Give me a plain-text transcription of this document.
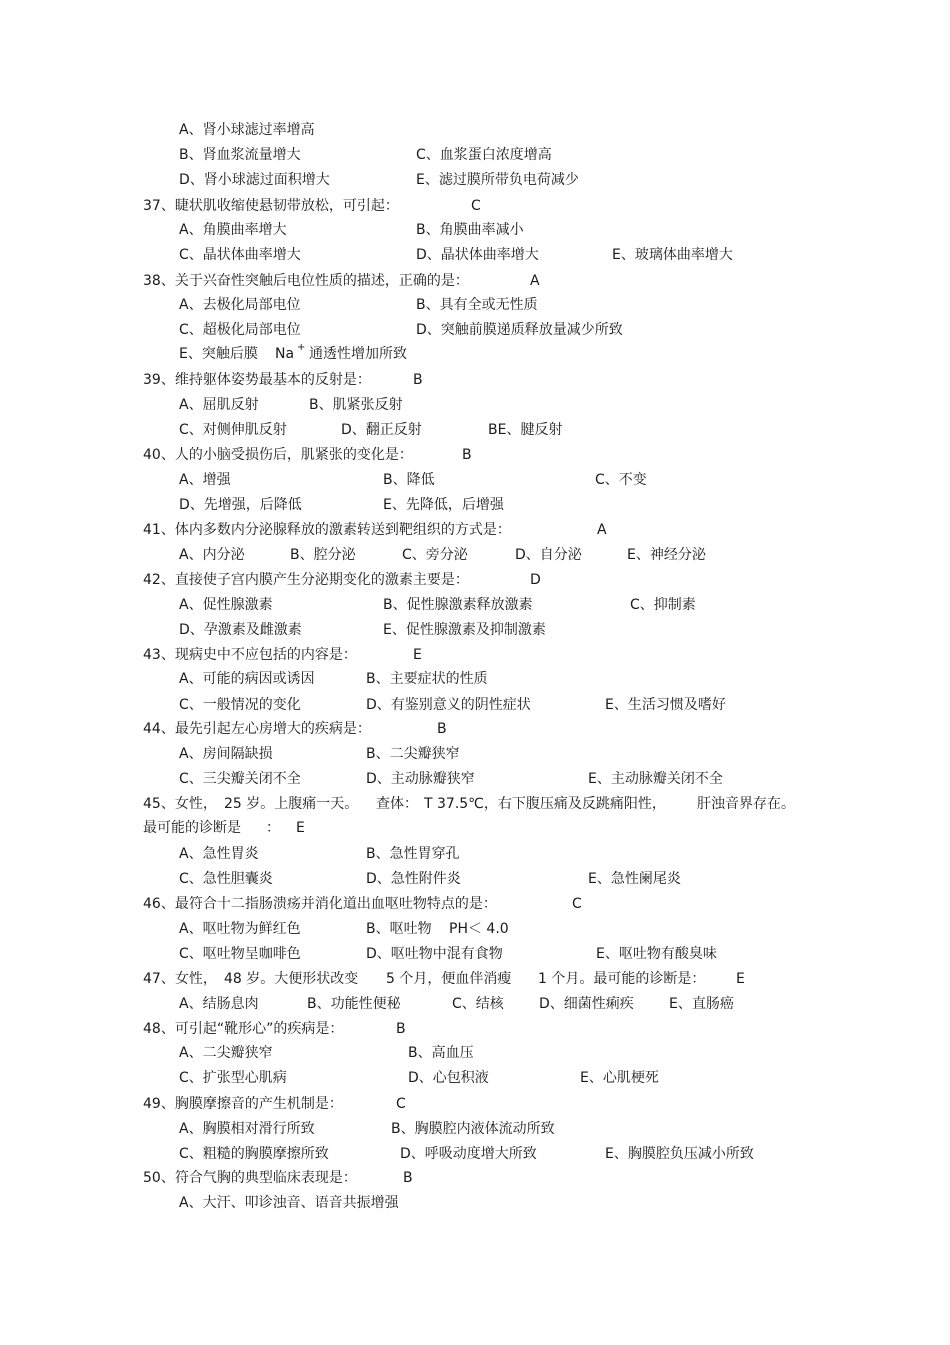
A、肾小球滤过率增高
B、肾血浆流量增大	C、血浆蛋白浓度增高
D、肾小球滤过面积增大	E、滤过膜所带负电荷减少
37、睫状肌收缩使悬韧带放松，可引起：	C
A、角膜曲率增大	B、角膜曲率减小
C、晶状体曲率增大	D、晶状体曲率增大	E、玻璃体曲率增大
38、关于兴奋性突触后电位性质的描述，正确的是：	A
A、去极化局部电位	B、具有全或无性质
C、超极化局部电位	D、突触前膜递质释放量减少所致
E、突触后膜 Na + 通透性增加所致
39、维持躯体姿势最基本的反射是：	B
A、屈肌反射	B、肌紧张反射
C、对侧伸肌反射	D、翻正反射	BE、腱反射
40、人的小脑受损伤后，肌紧张的变化是：	B
A、增强	B、降低	C、不变
D、先增强，后降低	E、先降低，后增强
41、体内多数内分泌腺释放的激素转送到靶组织的方式是：	A
A、内分泌	B、腔分泌	C、旁分泌	D、自分泌	E、神经分泌
42、直接使子宫内膜产生分泌期变化的激素主要是：	D
A、促性腺激素	B、促性腺激素释放激素	C、抑制素
D、孕激素及雌激素	E、促性腺激素及抑制激素
43、现病史中不应包括的内容是：	E
A、可能的病因或诱因	B、主要症状的性质
C、一般情况的变化	D、有鉴别意义的阴性症状	E、生活习惯及嗜好
44、最先引起左心房增大的疾病是：	B
A、房间隔缺损	B、二尖瓣狭窄
C、三尖瓣关闭不全	D、主动脉瓣狭窄	E、主动脉瓣关闭不全
45、女性， 25 岁。上腹痛一天。 查体： T 37.5℃，右下腹压痛及反跳痛阳性， 肝浊音界存在。
最可能的诊断是 ： E
A、急性胃炎	B、急性胃穿孔
C、急性胆囊炎	D、急性附件炎	E、急性阑尾炎
46、最符合十二指肠溃疡并消化道出血呕吐物特点的是：	C
A、呕吐物为鲜红色	B、呕吐物 PH＜ 4.0
C、呕吐物呈咖啡色	D、呕吐物中混有食物	E、呕吐物有酸臭味
47、女性， 48 岁。大便形状改变 5 个月，便血伴消瘦 1 个月。最可能的诊断是： E
A、结肠息肉	B、功能性便秘	C、结核	D、细菌性痢疾	E、直肠癌
48、可引起“靴形心”的疾病是：	B
A、二尖瓣狭窄	B、高血压
C、扩张型心肌病	D、心包积液	E、心肌梗死
49、胸膜摩擦音的产生机制是：	C
A、胸膜相对滑行所致	B、胸膜腔内液体流动所致
C、粗糙的胸膜摩擦所致	D、呼吸动度增大所致	E、胸膜腔负压减小所致
50、符合气胸的典型临床表现是：	B
A、大汗、叩诊浊音、语音共振增强
